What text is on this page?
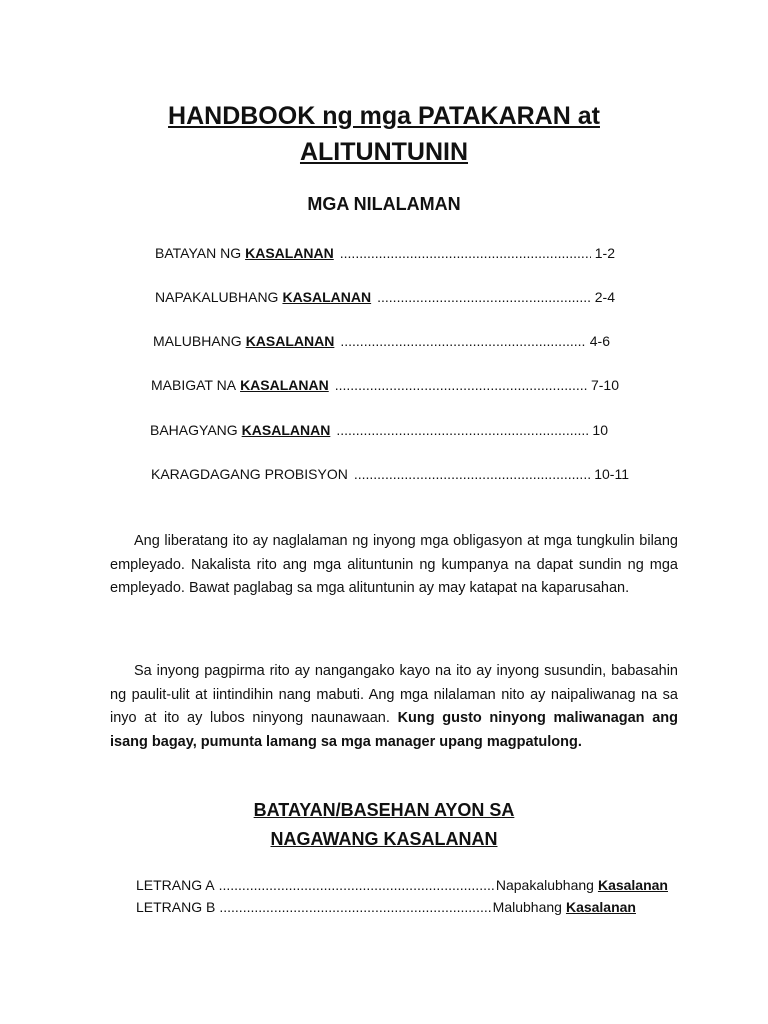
HANDBOOK ng mga PATAKARAN at
ALITUNTUNIN
MGA NILALAMAN
BATAYAN NG KASALANAN .....	1-2
NAPAKALUBHANG KASALANAN .....	2-4
MALUBHANG KASALANAN .....	4-6
MABIGAT NA KASALANAN .....	7-10
BAHAGYANG KASALANAN .....	10
KARAGDAGANG PROBISYON .....	10-11

Ang liberatang ito ay naglalaman ng inyong mga obligasyon at mga tungkulin bilang empleyado. Nakalista rito ang mga alituntunin ng kumpanya na dapat sundin ng mga empleyado. Bawat paglabag sa mga alituntunin ay may katapat na kaparusahan.

Sa inyong pagpirma rito ay nangangako kayo na ito ay inyong susundin, babasahin ng paulit-ulit at iintindihin nang mabuti. Ang mga nilalaman nito ay naipaliwanag na sa inyo at ito ay lubos ninyong naunawaan. Kung gusto ninyong maliwanagan ang isang bagay, pumunta lamang sa mga manager upang magpatulong.

BATAYAN/BASEHAN AYON SA
NAGAWANG KASALANAN
LETRANG A .....	Napakalubhang Kasalanan
LETRANG B .....	Malubhang Kasalanan
